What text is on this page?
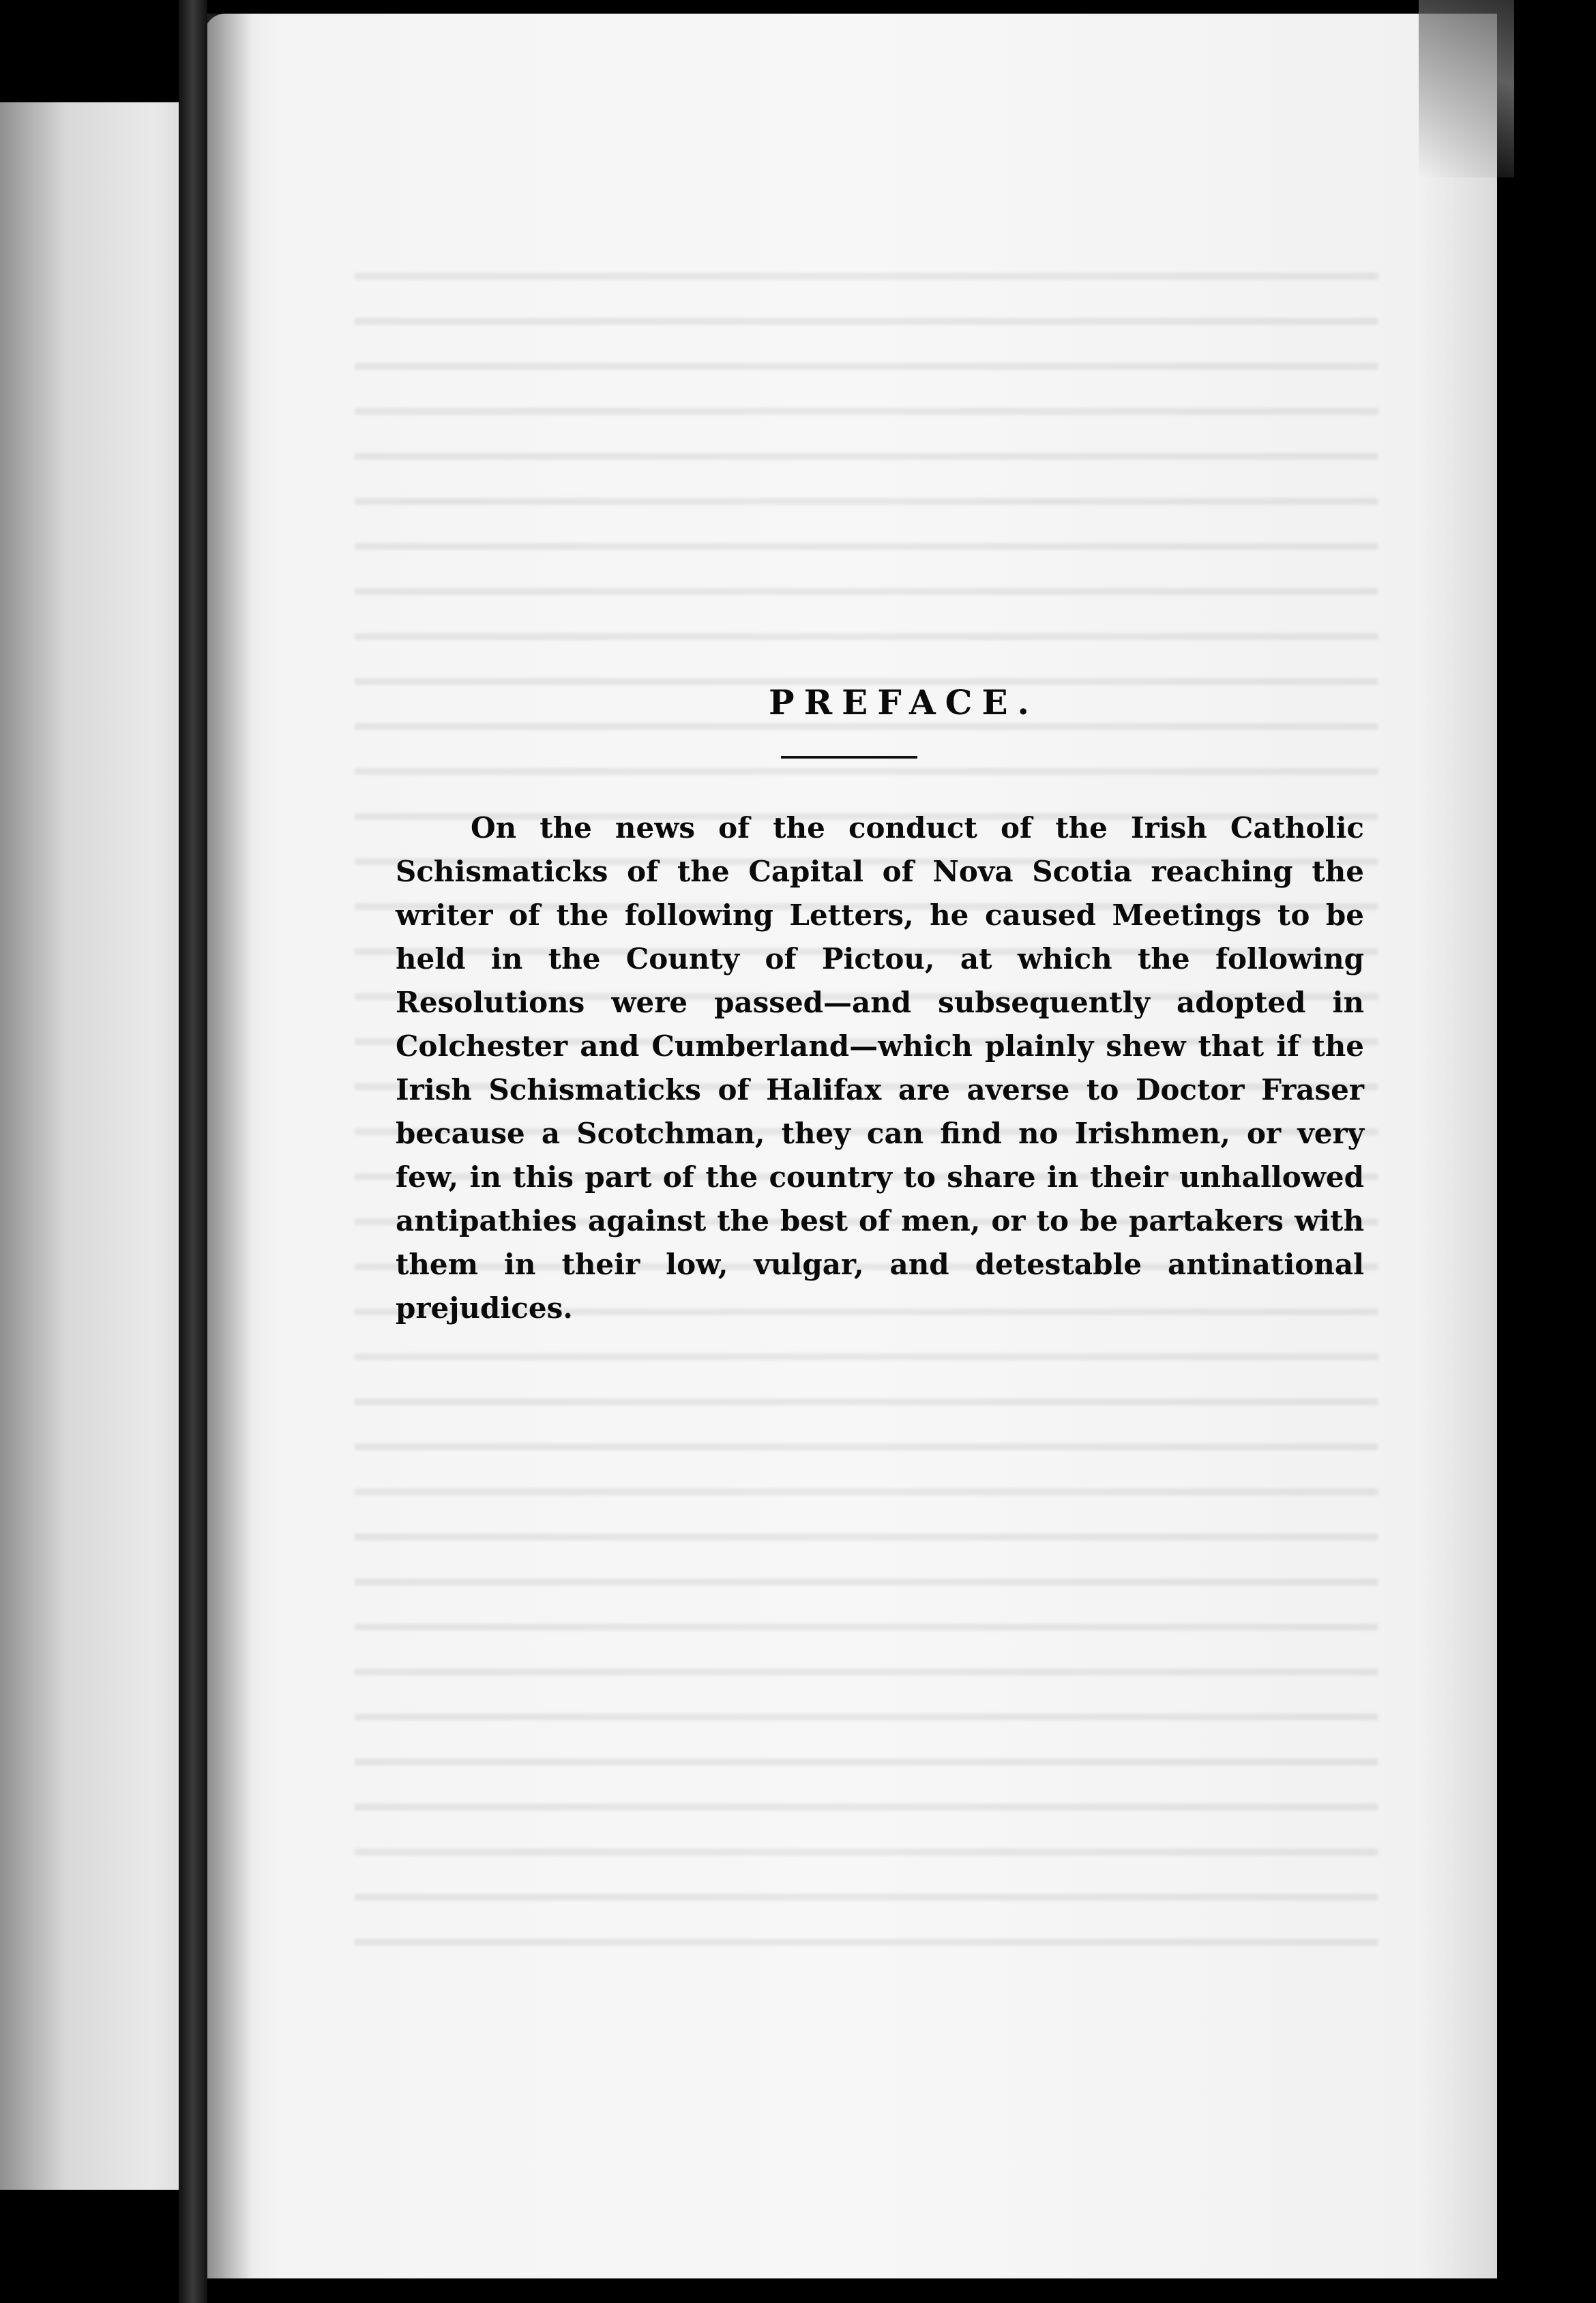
PREFACE.

On the news of the conduct of the Irish Catholic Schismaticks of the Capital of Nova Scotia reaching the writer of the following Letters, he caused Meetings to be held in the County of Pictou, at which the following Resolutions were passed—and subsequently adopted in Colchester and Cumberland—which plainly shew that if the Irish Schismaticks of Halifax are averse to Doctor Fraser because a Scotchman, they can find no Irishmen, or very few, in this part of the country to share in their unhallowed antipathies against the best of men, or to be partakers with them in their low, vulgar, and detestable antinational prejudices.
